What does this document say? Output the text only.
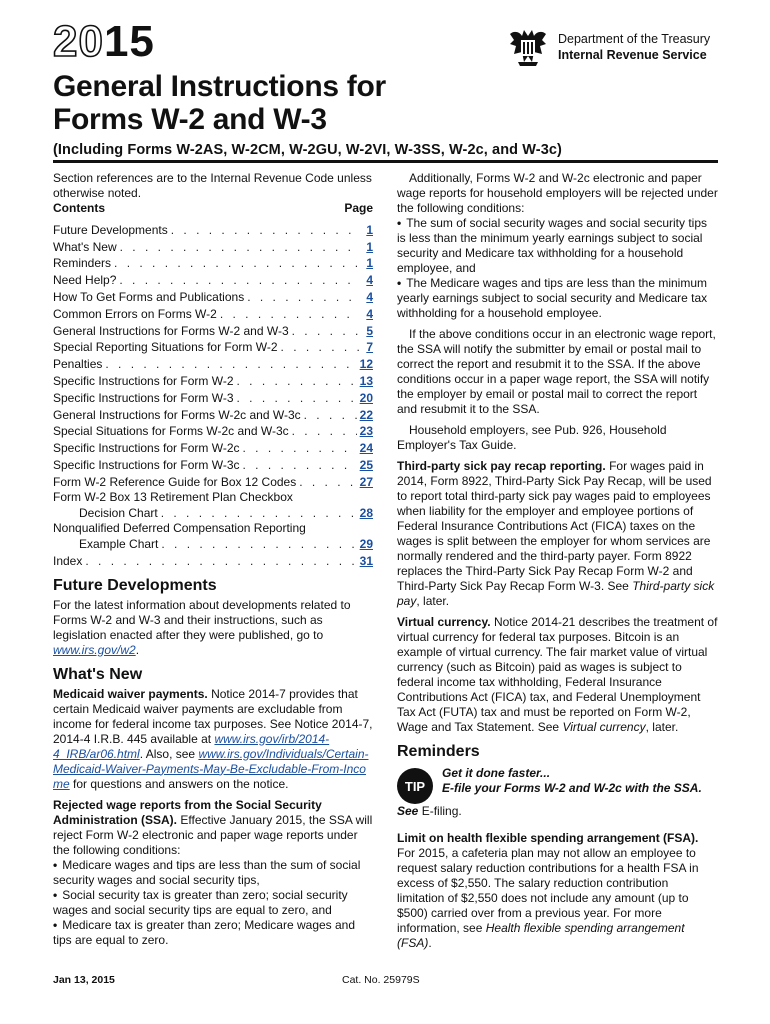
2015	Department of the Treasury
Internal Revenue Service
General Instructions for
Forms W-2 and W-3
(Including Forms W-2AS, W-2CM, W-2GU, W-2VI, W-3SS, W-2c, and W-3c)

Section references are to the Internal Revenue Code unless otherwise noted.

Contents	Page
Future Developments . . .	1
What's New . . .	1
Reminders . . .	1
Need Help? . . .	4
How To Get Forms and Publications . . .	4
Common Errors on Forms W-2 . . .	4
General Instructions for Forms W-2 and W-3 . . .	5
Special Reporting Situations for Form W-2 . . .	7
Penalties . . .	12
Specific Instructions for Form W-2 . . .	13
Specific Instructions for Form W-3 . . .	20
General Instructions for Forms W-2c and W-3c . . .	22
Special Situations for Forms W-2c and W-3c . . .	23
Specific Instructions for Form W-2c . . .	24
Specific Instructions for Form W-3c . . .	25
Form W-2 Reference Guide for Box 12 Codes . . .	27
Form W-2 Box 13 Retirement Plan Checkbox
Decision Chart . . .	28
Nonqualified Deferred Compensation Reporting
Example Chart . . .	29
Index . . .	31
Future Developments

For the latest information about developments related to Forms W-2 and W-3 and their instructions, such as legislation enacted after they were published, go to www.irs.gov/w2.

What's New

Medicaid waiver payments. Notice 2014-7 provides that certain Medicaid waiver payments are excludable from income for federal income tax purposes. See Notice 2014-7, 2014-4 I.R.B. 445 available at www.irs.gov/irb/2014-4_IRB/ar06.html. Also, see www.irs.gov/Individuals/Certain-Medicaid-Waiver-Payments-May-Be-Excludable-From-Income for questions and answers on the notice.

Rejected wage reports from the Social Security Administration (SSA). Effective January 2015, the SSA will reject Form W-2 electronic and paper wage reports under the following conditions:

• Medicare wages and tips are less than the sum of social security wages and social security tips,

• Social security tax is greater than zero; social security wages and social security tips are equal to zero, and

• Medicare tax is greater than zero; Medicare wages and tips are equal to zero.

Additionally, Forms W-2 and W-2c electronic and paper wage reports for household employers will be rejected under the following conditions:

• The sum of social security wages and social security tips is less than the minimum yearly earnings subject to social security and Medicare tax withholding for a household employee, and

• The Medicare wages and tips are less than the minimum yearly earnings subject to social security and Medicare tax withholding for a household employee.

If the above conditions occur in an electronic wage report, the SSA will notify the submitter by email or postal mail to correct the report and resubmit it to the SSA. If the above conditions occur in a paper wage report, the SSA will notify the employer by email or postal mail to correct the report and resubmit it to the SSA.

Household employers, see Pub. 926, Household Employer's Tax Guide.

Third-party sick pay recap reporting. For wages paid in 2014, Form 8922, Third-Party Sick Pay Recap, will be used to report total third-party sick pay wages paid to employees when liability for the employer and employee portions of Federal Insurance Contributions Act (FICA) taxes on the wages is split between the employer for whom services are normally rendered and the third-party payer. Form 8922 replaces the Third-Party Sick Pay Recap Form W-2 and Third-Party Sick Pay Recap Form W-3. See Third-party sick pay, later.

Virtual currency. Notice 2014-21 describes the treatment of virtual currency for federal tax purposes. Bitcoin is an example of virtual currency. The fair market value of virtual currency (such as Bitcoin) paid as wages is subject to federal income tax withholding, Federal Insurance Contributions Act (FICA) tax, and Federal Unemployment Tax Act (FUTA) tax and must be reported on Form W-2, Wage and Tax Statement. See Virtual currency, later.

Reminders
TIP
Get it done faster...
E-file your Forms W-2 and W-2c with the SSA.

See E-filing.

Limit on health flexible spending arrangement (FSA). For 2015, a cafeteria plan may not allow an employee to request salary reduction contributions for a health FSA in excess of $2,550. The salary reduction contribution limitation of $2,550 does not include any amount (up to $500) carried over from a previous year. For more information, see Health flexible spending arrangement (FSA).

Jan 13, 2015	Cat. No. 25979S
